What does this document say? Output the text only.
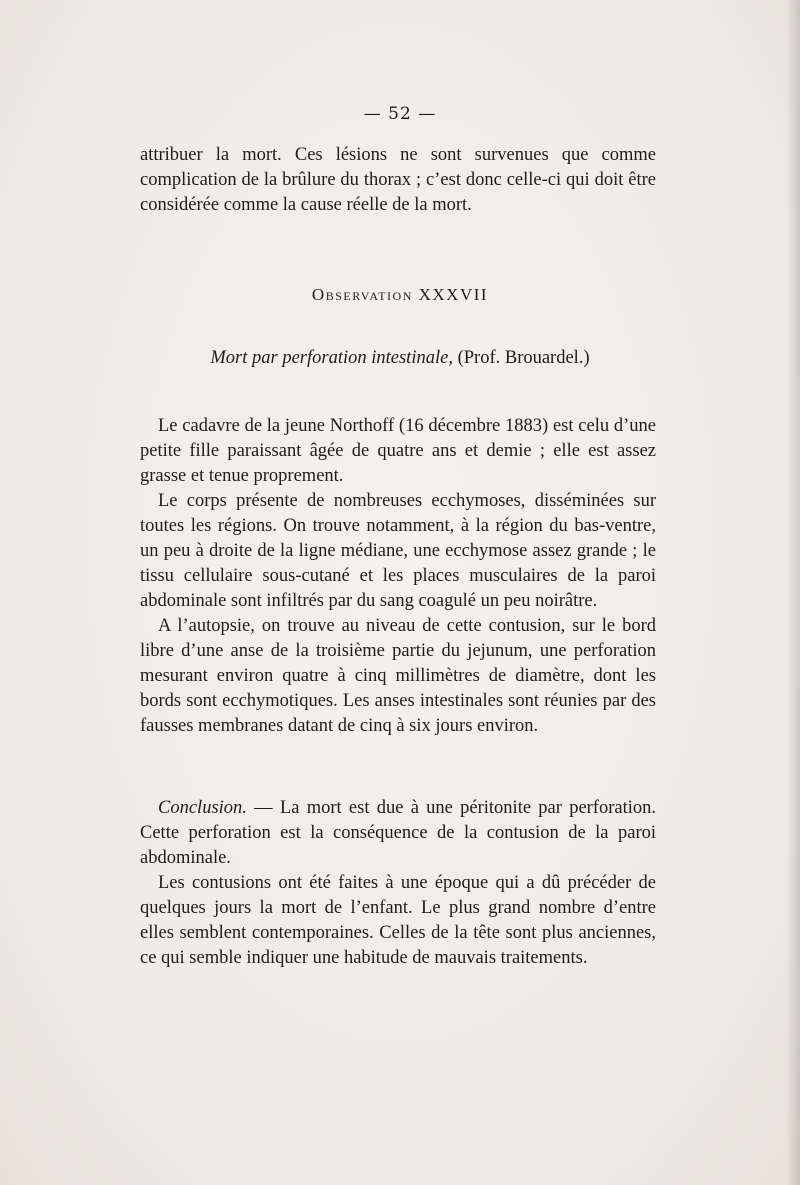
— 52 —

attribuer la mort. Ces lésions ne sont survenues que comme complication de la brûlure du thorax ; c’est donc celle-ci qui doit être considérée comme la cause réelle de la mort.

Observation XXXVII
Mort par perforation intestinale, (Prof. Brouardel.)

Le cadavre de la jeune Northoff (16 décembre 1883) est celu d’une petite fille paraissant âgée de quatre ans et demie ; elle est assez grasse et tenue proprement.

Le corps présente de nombreuses ecchymoses, disséminées sur toutes les régions. On trouve notamment, à la région du bas-ventre, un peu à droite de la ligne médiane, une ecchymose assez grande ; le tissu cellulaire sous-cutané et les places musculaires de la paroi abdominale sont infiltrés par du sang coagulé un peu noirâtre.

A l’autopsie, on trouve au niveau de cette contusion, sur le bord libre d’une anse de la troisième partie du jejunum, une perforation mesurant environ quatre à cinq millimètres de diamètre, dont les bords sont ecchymotiques. Les anses intestinales sont réunies par des fausses membranes datant de cinq à six jours environ.

Conclusion. — La mort est due à une péritonite par perforation. Cette perforation est la conséquence de la contusion de la paroi abdominale.

Les contusions ont été faites à une époque qui a dû précéder de quelques jours la mort de l’enfant. Le plus grand nombre d’entre elles semblent contemporaines. Celles de la tête sont plus anciennes, ce qui semble indiquer une habitude de mauvais traitements.
